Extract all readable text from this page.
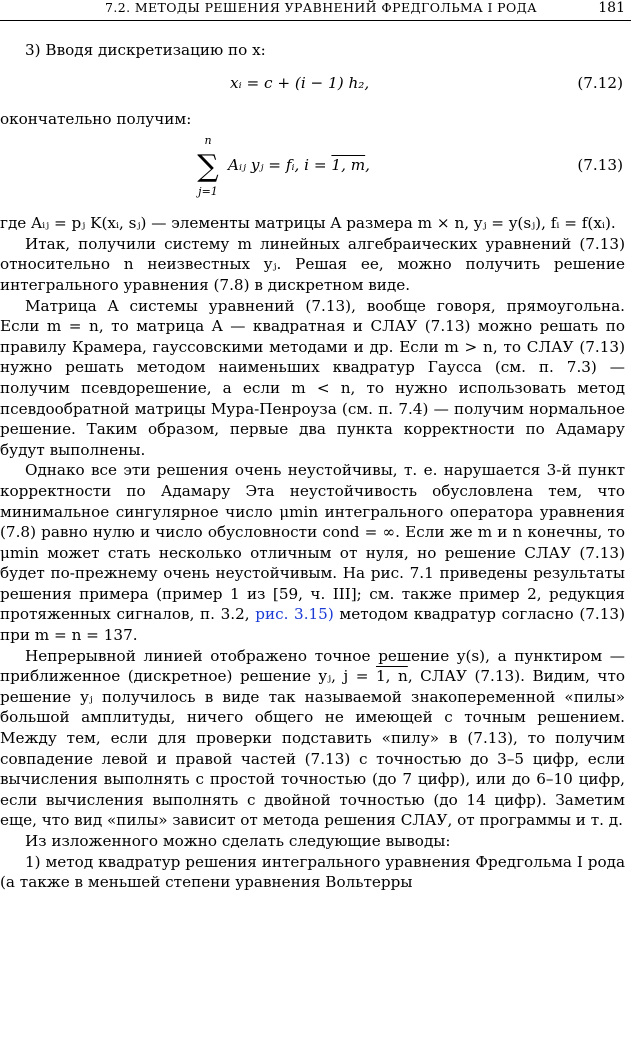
7.2. МЕТОДЫ РЕШЕНИЯ УРАВНЕНИЙ ФРЕДГОЛЬМА I РОДА	181

3) Вводя дискретизацию по x:

xᵢ = c + (i − 1) h₂,	(7.12)

окончательно получим:

n
∑
j=1
Aᵢⱼ yⱼ = fᵢ, i = 1, m,	(7.13)

где Aᵢⱼ = pⱼ K(xᵢ, sⱼ) — элементы матрицы A размера m × n, yⱼ = y(sⱼ), fᵢ = f(xᵢ).

Итак, получили систему m линейных алгебраических уравнений (7.13) относительно n неизвестных yⱼ. Решая ее, можно получить решение интегрального уравнения (7.8) в дискретном виде.

Матрица A системы уравнений (7.13), вообще говоря, прямоугольна. Если m = n, то матрица A — квадратная и СЛАУ (7.13) можно решать по правилу Крамера, гауссовскими методами и др. Если m > n, то СЛАУ (7.13) нужно решать методом наименьших квадратур Гаусса (см. п. 7.3) — получим псевдорешение, а если m < n, то нужно использовать метод псевдообратной матрицы Мура-Пенроуза (см. п. 7.4) — получим нормальное решение. Таким образом, первые два пункта корректности по Адамару будут выполнены.

Однако все эти решения очень неустойчивы, т. е. нарушается 3-й пункт корректности по Адамару Эта неустойчивость обусловлена тем, что минимальное сингулярное число μmin интегрального оператора уравнения (7.8) равно нулю и число обусловности cond = ∞. Если же m и n конечны, то μmin может стать несколько отличным от нуля, но решение СЛАУ (7.13) будет по-прежнему очень неустойчивым. На рис. 7.1 приведены результаты решения примера (пример 1 из [59, ч. III]; см. также пример 2, редукция протяженных сигналов, п. 3.2, рис. 3.15) методом квадратур согласно (7.13) при m = n = 137.

Непрерывной линией отображено точное решение y(s), а пунктиром — приближенное (дискретное) решение yⱼ, j = 1, n, СЛАУ (7.13). Видим, что решение yⱼ получилось в виде так называемой знакопеременной «пилы» большой амплитуды, ничего общего не имеющей с точным решением. Между тем, если для проверки подставить «пилу» в (7.13), то получим совпадение левой и правой частей (7.13) с точностью до 3–5 цифр, если вычисления выполнять с простой точностью (до 7 цифр), или до 6–10 цифр, если вычисления выполнять с двойной точностью (до 14 цифр). Заметим еще, что вид «пилы» зависит от метода решения СЛАУ, от программы и т. д.

Из изложенного можно сделать следующие выводы:

1) метод квадратур решения интегрального уравнения Фредгольма I рода (а также в меньшей степени уравнения Вольтерры
